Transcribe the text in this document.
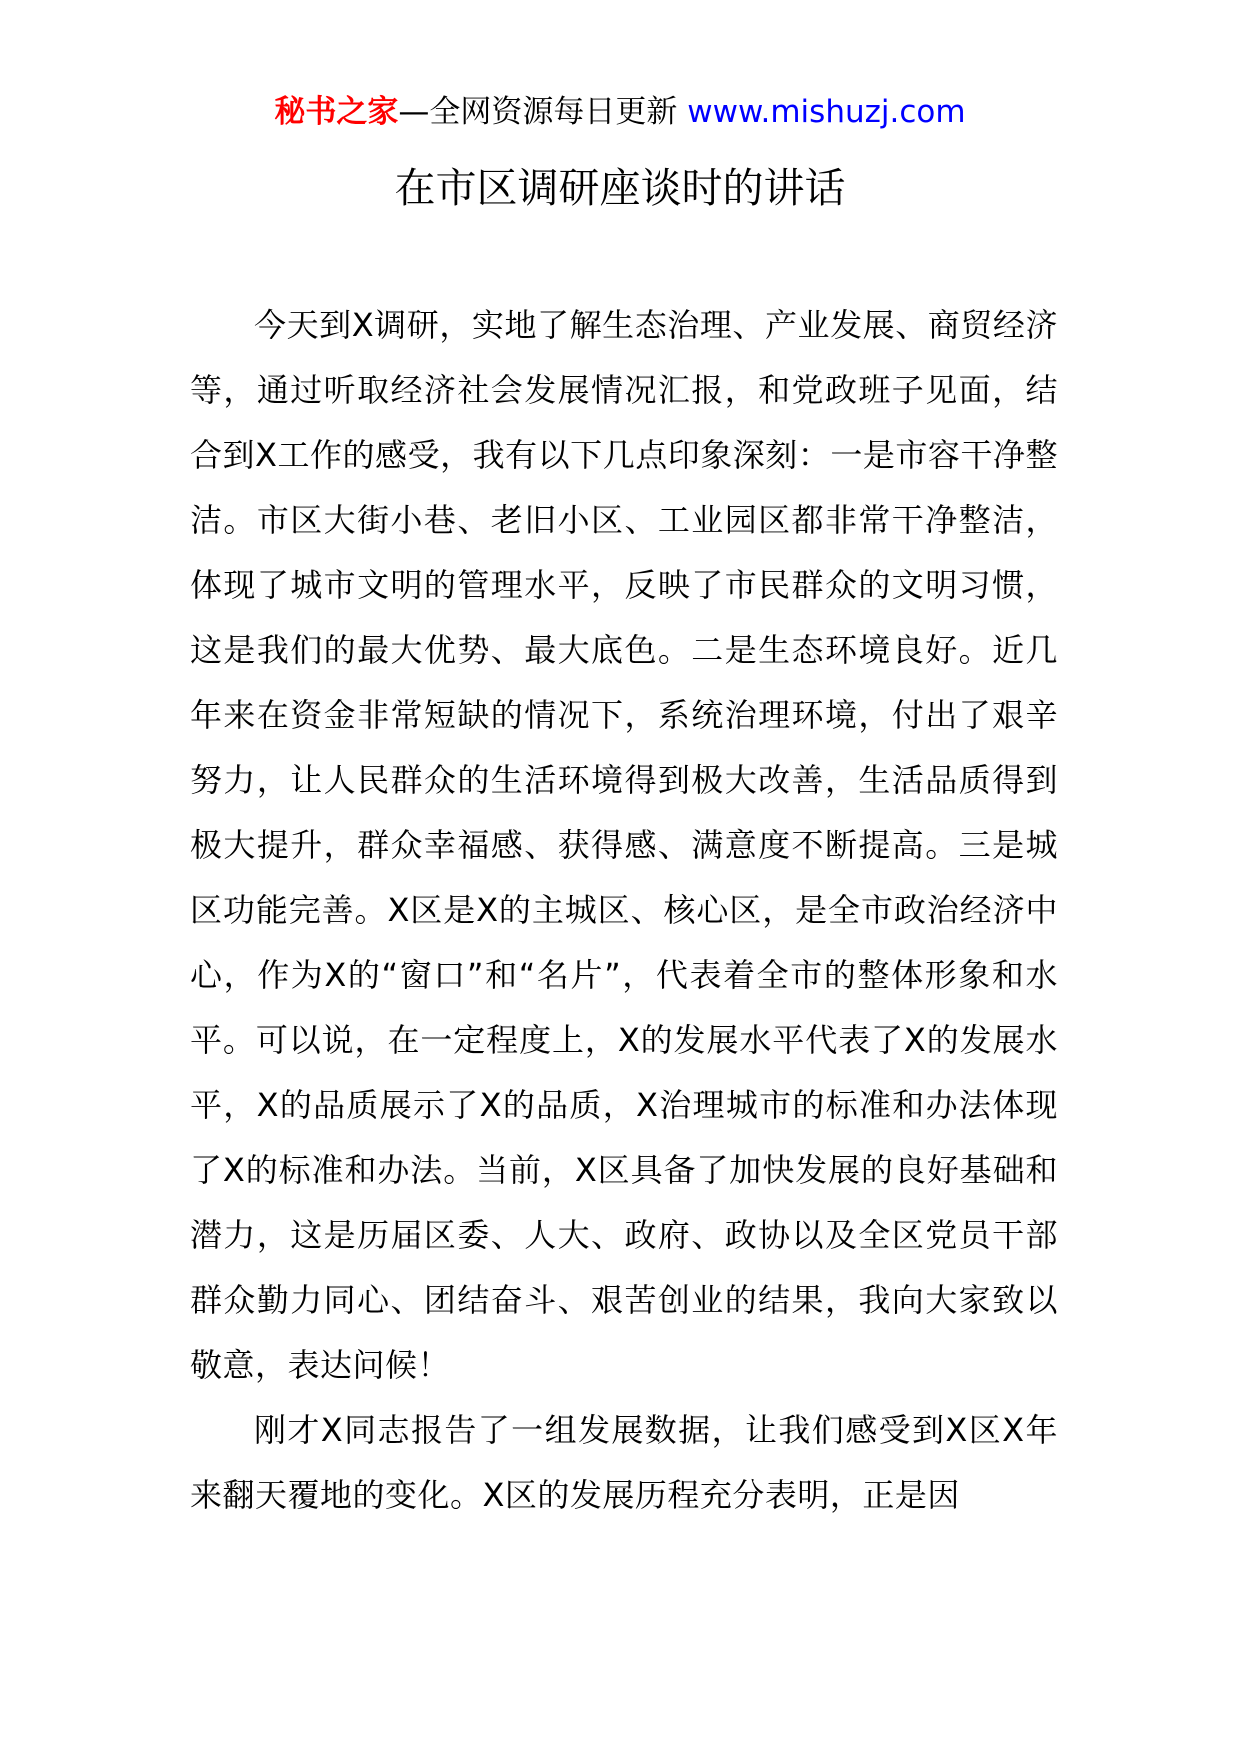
秘书之家—全网资源每日更新 www.mishuzj.com
在市区调研座谈时的讲话

今天到X调研，实地了解生态治理、产业发展、商贸经济等，通过听取经济社会发展情况汇报，和党政班子见面，结合到X工作的感受，我有以下几点印象深刻：一是市容干净整洁。市区大街小巷、老旧小区、工业园区都非常干净整洁，体现了城市文明的管理水平，反映了市民群众的文明习惯，这是我们的最大优势、最大底色。二是生态环境良好。近几年来在资金非常短缺的情况下，系统治理环境，付出了艰辛努力，让人民群众的生活环境得到极大改善，生活品质得到极大提升，群众幸福感、获得感、满意度不断提高。三是城区功能完善。X区是X的主城区、核心区，是全市政治经济中心，作为X的“窗口”和“名片”，代表着全市的整体形象和水平。可以说，在一定程度上，X的发展水平代表了X的发展水平，X的品质展示了X的品质，X治理城市的标准和办法体现了X的标准和办法。当前，X区具备了加快发展的良好基础和潜力，这是历届区委、人大、政府、政协以及全区党员干部群众勤力同心、团结奋斗、艰苦创业的结果，我向大家致以敬意，表达问候！

刚才X同志报告了一组发展数据，让我们感受到X区X年来翻天覆地的变化。X区的发展历程充分表明，正是因
